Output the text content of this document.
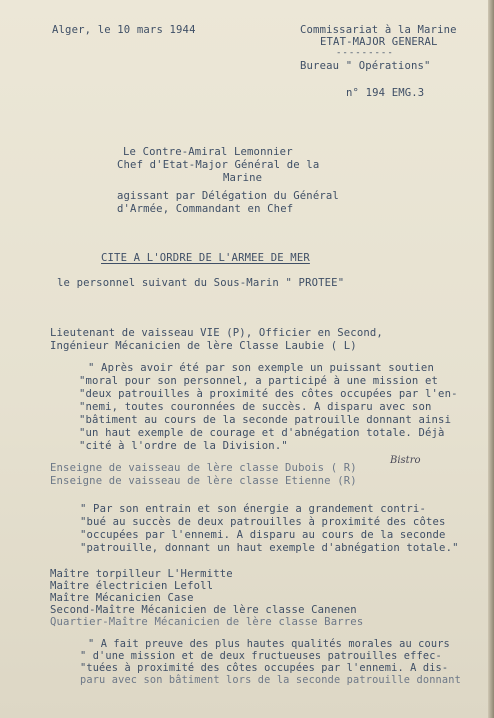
Alger, le 10 mars 1944	Commissariat à la Marine
ETAT-MAJOR GENERAL
---------
Bureau " Opérations"
n° 194 EMG.3
Le Contre-Amiral Lemonnier
Chef d'Etat-Major Général de la
Marine
agissant par Délégation du Général
d'Armée, Commandant en Chef
CITE A L'ORDRE DE L'ARMEE DE MER
le personnel suivant du Sous-Marin " PROTEE"
Lieutenant de vaisseau VIE (P), Officier en Second,
Ingénieur Mécanicien de lère Classe Laubie ( L)
" Après avoir été par son exemple un puissant soutien
"moral pour son personnel, a participé à une mission et
"deux patrouilles à proximité des côtes occupées par l'en-
"nemi, toutes couronnées de succès. A disparu avec son
"bâtiment au cours de la seconde patrouille donnant ainsi
"un haut exemple de courage et d'abnégation totale. Déjà
"cité à l'ordre de la Division."
Enseigne de vaisseau de lère classe Dubois ( R)
Bistro
Enseigne de vaisseau de lère classe Etienne (R)
" Par son entrain et son énergie a grandement contri-
"bué au succès de deux patrouilles à proximité des côtes
"occupées par l'ennemi. A disparu au cours de la seconde
"patrouille, donnant un haut exemple d'abnégation totale."
Maître torpilleur L'Hermitte
Maître électricien Lefoll
Maître Mécanicien Case
Second-Maître Mécanicien de lère classe Canenen
Quartier-Maître Mécanicien de lère classe Barres
" A fait preuve des plus hautes qualités morales au cours
" d'une mission et de deux fructueuses patrouilles effec-
"tuées à proximité des côtes occupées par l'ennemi. A dis-
paru avec son bâtiment lors de la seconde patrouille donnant
